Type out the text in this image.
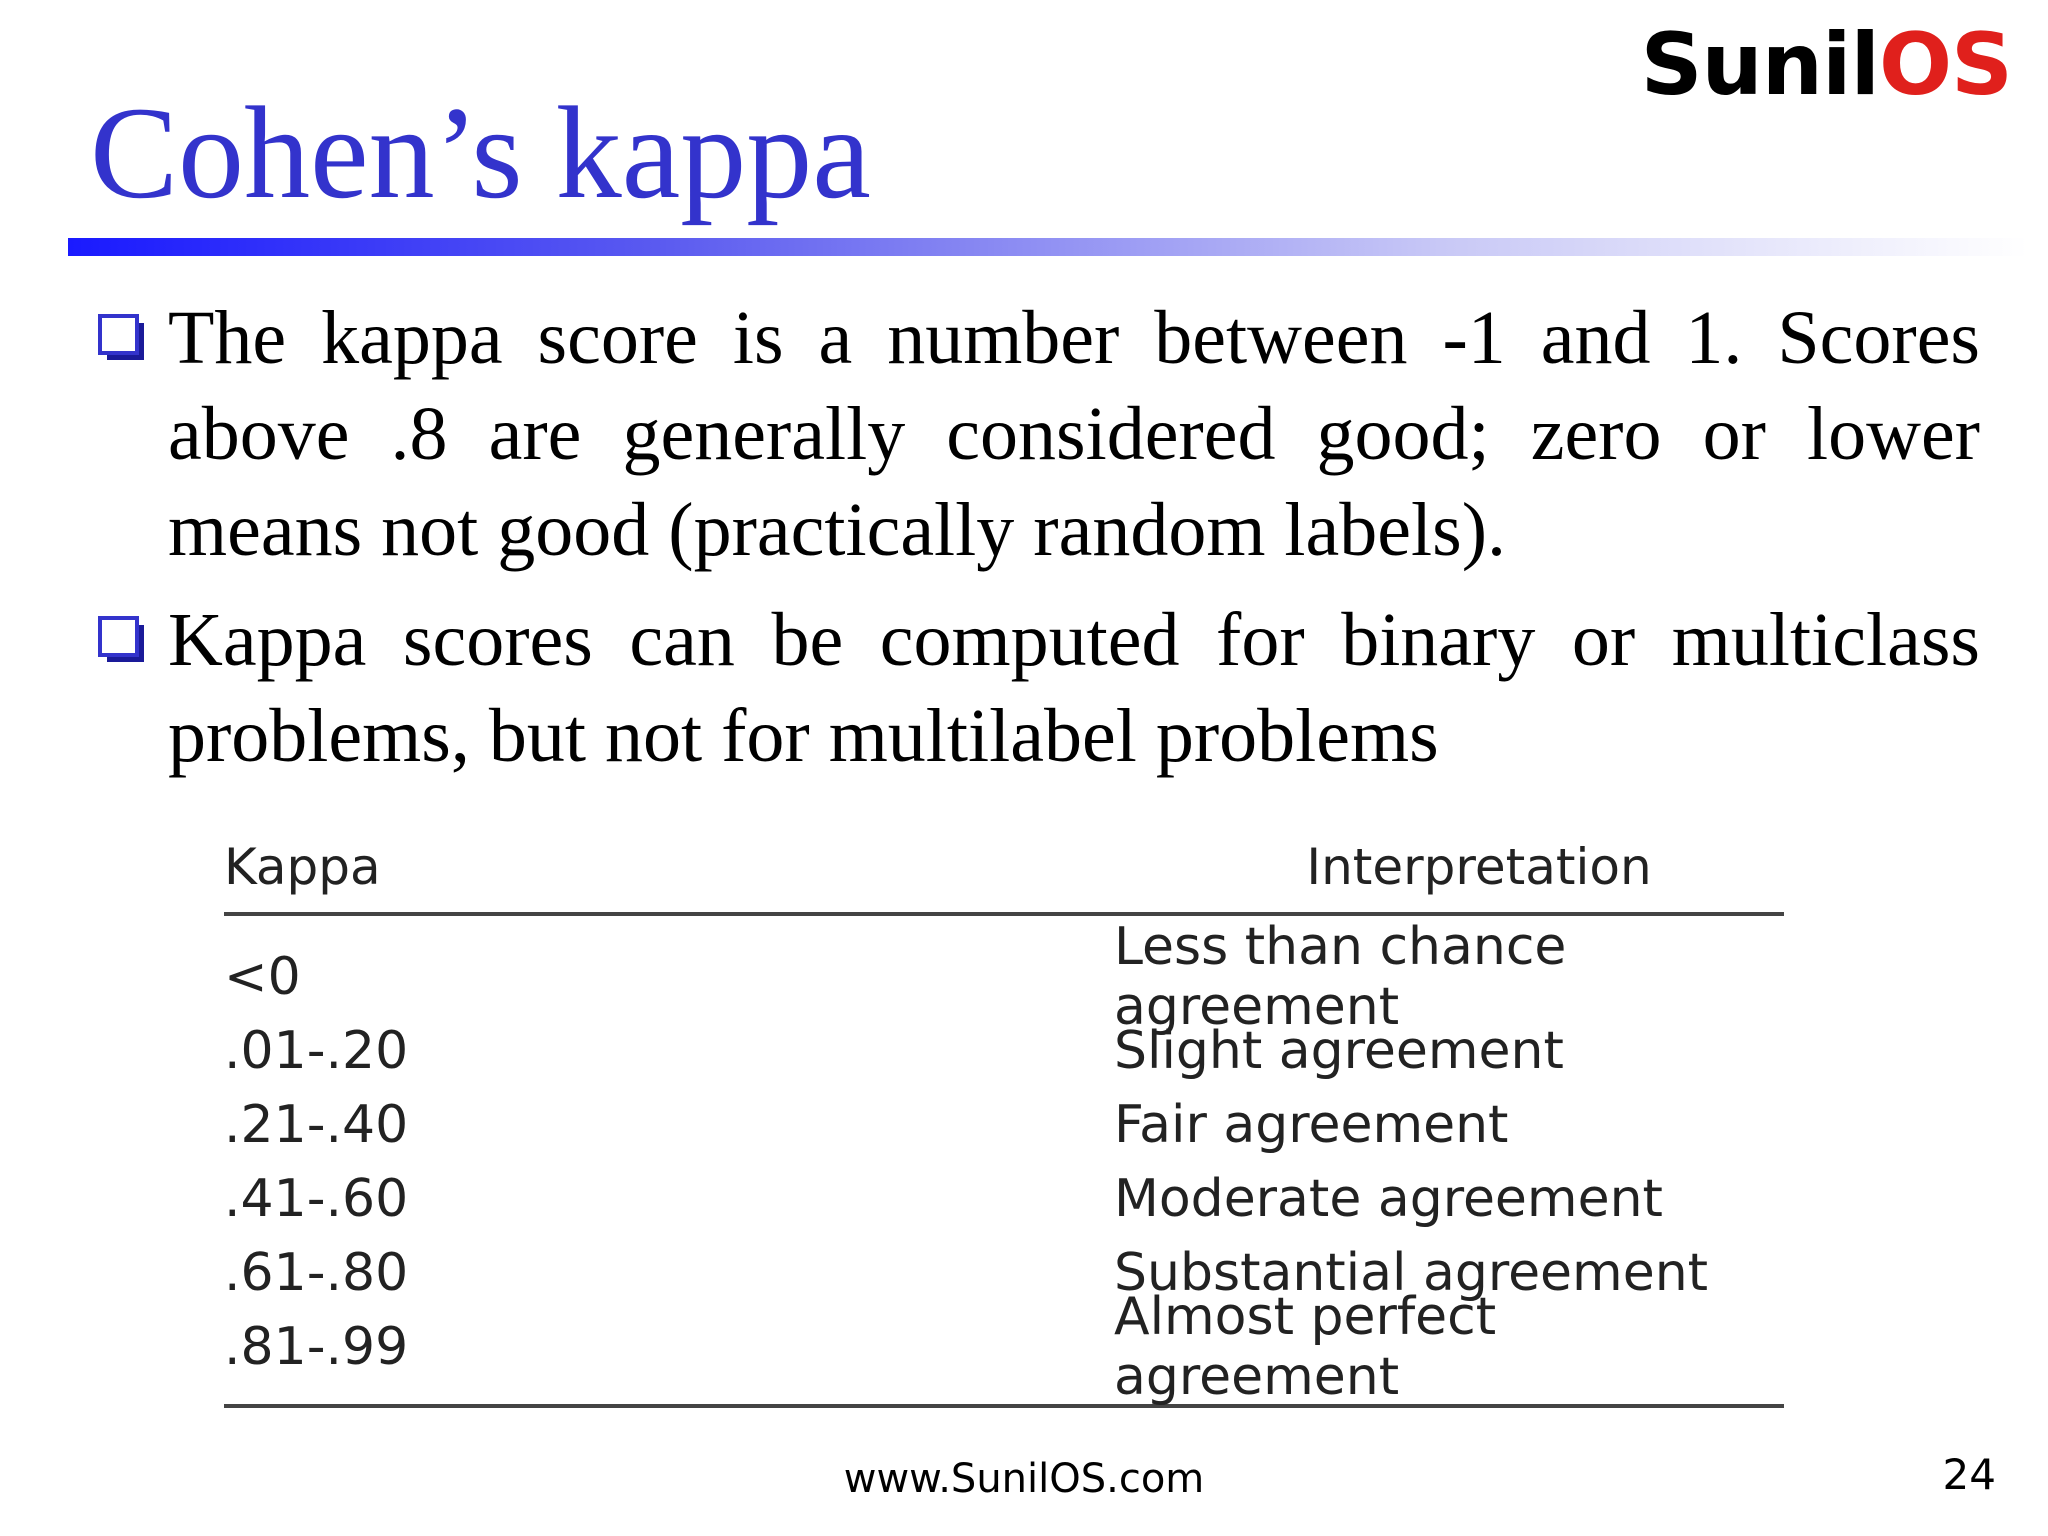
SunilOS
Cohen’s kappa
The kappa score is a number between -1 and 1. Scores above .8 are generally considered good; zero or lower means not good (practically random labels).
Kappa scores can be computed for binary or multiclass problems, but not for multilabel problems
Kappa	Interpretation
<0	Less than chance agreement
.01-.20	Slight agreement
.21-.40	Fair agreement
.41-.60	Moderate agreement
.61-.80	Substantial agreement
.81-.99	Almost perfect agreement
www.SunilOS.com	24
